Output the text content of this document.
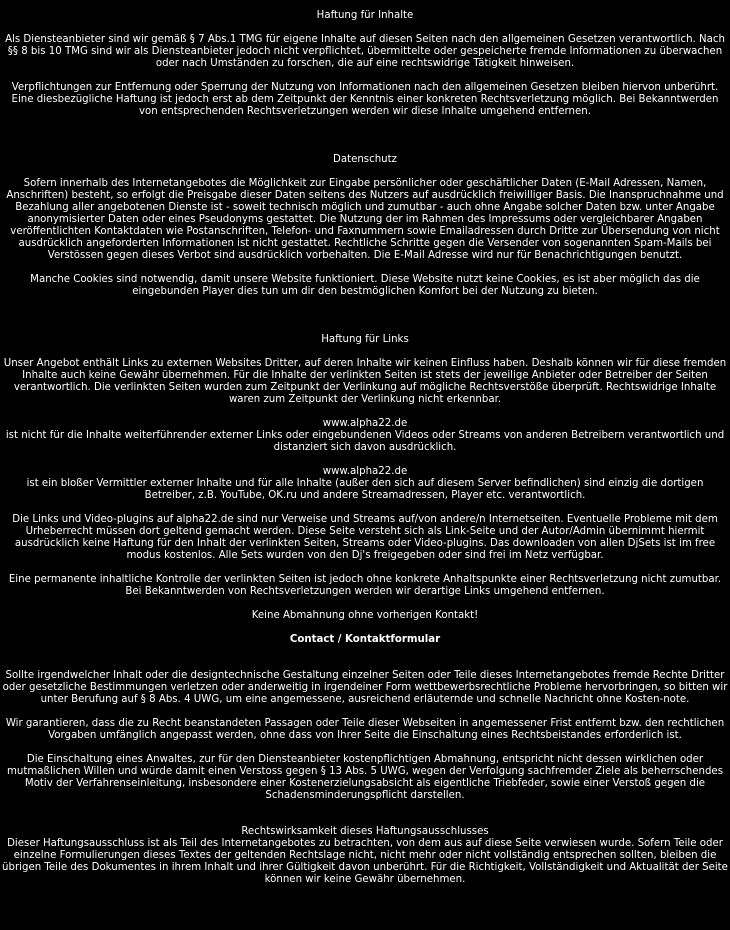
Haftung für Inhalte

Als Diensteanbieter sind wir gemäß § 7 Abs.1 TMG für eigene Inhalte auf diesen Seiten nach den allgemeinen Gesetzen verantwortlich. Nach §§ 8 bis 10 TMG sind wir als Diensteanbieter jedoch nicht verpflichtet, übermittelte oder gespeicherte fremde Informationen zu überwachen oder nach Umständen zu forschen, die auf eine rechtswidrige Tätigkeit hinweisen.

Verpflichtungen zur Entfernung oder Sperrung der Nutzung von Informationen nach den allgemeinen Gesetzen bleiben hiervon unberührt. Eine diesbezügliche Haftung ist jedoch erst ab dem Zeitpunkt der Kenntnis einer konkreten Rechtsverletzung möglich. Bei Bekanntwerden von entsprechenden Rechtsverletzungen werden wir diese Inhalte umgehend entfernen.

Datenschutz

Sofern innerhalb des Internetangebotes die Möglichkeit zur Eingabe persönlicher oder geschäftlicher Daten (E-Mail Adressen, Namen, Anschriften) besteht, so erfolgt die Preisgabe dieser Daten seitens des Nutzers auf ausdrücklich freiwilliger Basis. Die Inanspruchnahme und Bezahlung aller angebotenen Dienste ist - soweit technisch möglich und zumutbar - auch ohne Angabe solcher Daten bzw. unter Angabe anonymisierter Daten oder eines Pseudonyms gestattet. Die Nutzung der im Rahmen des Impressums oder vergleichbarer Angaben veröffentlichten Kontaktdaten wie Postanschriften, Telefon- und Faxnummern sowie Emailadressen durch Dritte zur Übersendung von nicht ausdrücklich angeforderten Informationen ist nicht gestattet. Rechtliche Schritte gegen die Versender von sogenannten Spam-Mails bei Verstössen gegen dieses Verbot sind ausdrücklich vorbehalten. Die E-Mail Adresse wird nur für Benachrichtigungen benutzt.

Manche Cookies sind notwendig, damit unsere Website funktioniert. Diese Website nutzt keine Cookies, es ist aber möglich das die eingebunden Player dies tun um dir den bestmöglichen Komfort bei der Nutzung zu bieten.

Haftung für Links

Unser Angebot enthält Links zu externen Websites Dritter, auf deren Inhalte wir keinen Einfluss haben. Deshalb können wir für diese fremden Inhalte auch keine Gewähr übernehmen. Für die Inhalte der verlinkten Seiten ist stets der jeweilige Anbieter oder Betreiber der Seiten verantwortlich. Die verlinkten Seiten wurden zum Zeitpunkt der Verlinkung auf mögliche Rechtsverstöße überprüft. Rechtswidrige Inhalte waren zum Zeitpunkt der Verlinkung nicht erkennbar.

www.alpha22.de

ist nicht für die Inhalte weiterführender externer Links oder eingebundenen Videos oder Streams von anderen Betreibern verantwortlich und distanziert sich davon ausdrücklich.

www.alpha22.de

ist ein bloßer Vermittler externer Inhalte und für alle Inhalte (außer den sich auf diesem Server befindlichen) sind einzig die dortigen Betreiber, z.B. YouTube, OK.ru und andere Streamadressen, Player etc. verantwortlich.

Die Links und Video-plugins auf alpha22.de sind nur Verweise und Streams auf/von andere/n Internetseiten. Eventuelle Probleme mit dem Urheberrecht müssen dort geltend gemacht werden. Diese Seite versteht sich als Link-Seite und der Autor/Admin übernimmt hiermit ausdrücklich keine Haftung für den Inhalt der verlinkten Seiten, Streams oder Video-plugins. Das downloaden von allen DjSets ist im free modus kostenlos. Alle Sets wurden von den Dj's freigegeben oder sind frei im Netz verfügbar.

Eine permanente inhaltliche Kontrolle der verlinkten Seiten ist jedoch ohne konkrete Anhaltspunkte einer Rechtsverletzung nicht zumutbar. Bei Bekanntwerden von Rechtsverletzungen werden wir derartige Links umgehend entfernen.

Keine Abmahnung ohne vorherigen Kontakt!

Contact / Kontaktformular

Sollte irgendwelcher Inhalt oder die designtechnische Gestaltung einzelner Seiten oder Teile dieses Internetangebotes fremde Rechte Dritter oder gesetzliche Bestimmungen verletzen oder anderweitig in irgendeiner Form wettbewerbsrechtliche Probleme hervorbringen, so bitten wir unter Berufung auf § 8 Abs. 4 UWG, um eine angemessene, ausreichend erläuternde und schnelle Nachricht ohne Kosten-note.

Wir garantieren, dass die zu Recht beanstandeten Passagen oder Teile dieser Webseiten in angemessener Frist entfernt bzw. den rechtlichen Vorgaben umfänglich angepasst werden, ohne dass von Ihrer Seite die Einschaltung eines Rechtsbeistandes erforderlich ist.

Die Einschaltung eines Anwaltes, zur für den Diensteanbieter kostenpflichtigen Abmahnung, entspricht nicht dessen wirklichen oder mutmaßlichen Willen und würde damit einen Verstoss gegen § 13 Abs. 5 UWG, wegen der Verfolgung sachfremder Ziele als beherrschendes Motiv der Verfahrenseinleitung, insbesondere einer Kostenerzielungsabsicht als eigentliche Triebfeder, sowie einer Verstoß gegen die Schadensminderungspflicht darstellen.

Rechtswirksamkeit dieses Haftungsausschlusses

Dieser Haftungsausschluss ist als Teil des Internetangebotes zu betrachten, von dem aus auf diese Seite verwiesen wurde. Sofern Teile oder einzelne Formulierungen dieses Textes der geltenden Rechtslage nicht, nicht mehr oder nicht vollständig entsprechen sollten, bleiben die übrigen Teile des Dokumentes in ihrem Inhalt und ihrer Gültigkeit davon unberührt. Für die Richtigkeit, Vollständigkeit und Aktualität der Seite können wir keine Gewähr übernehmen.
